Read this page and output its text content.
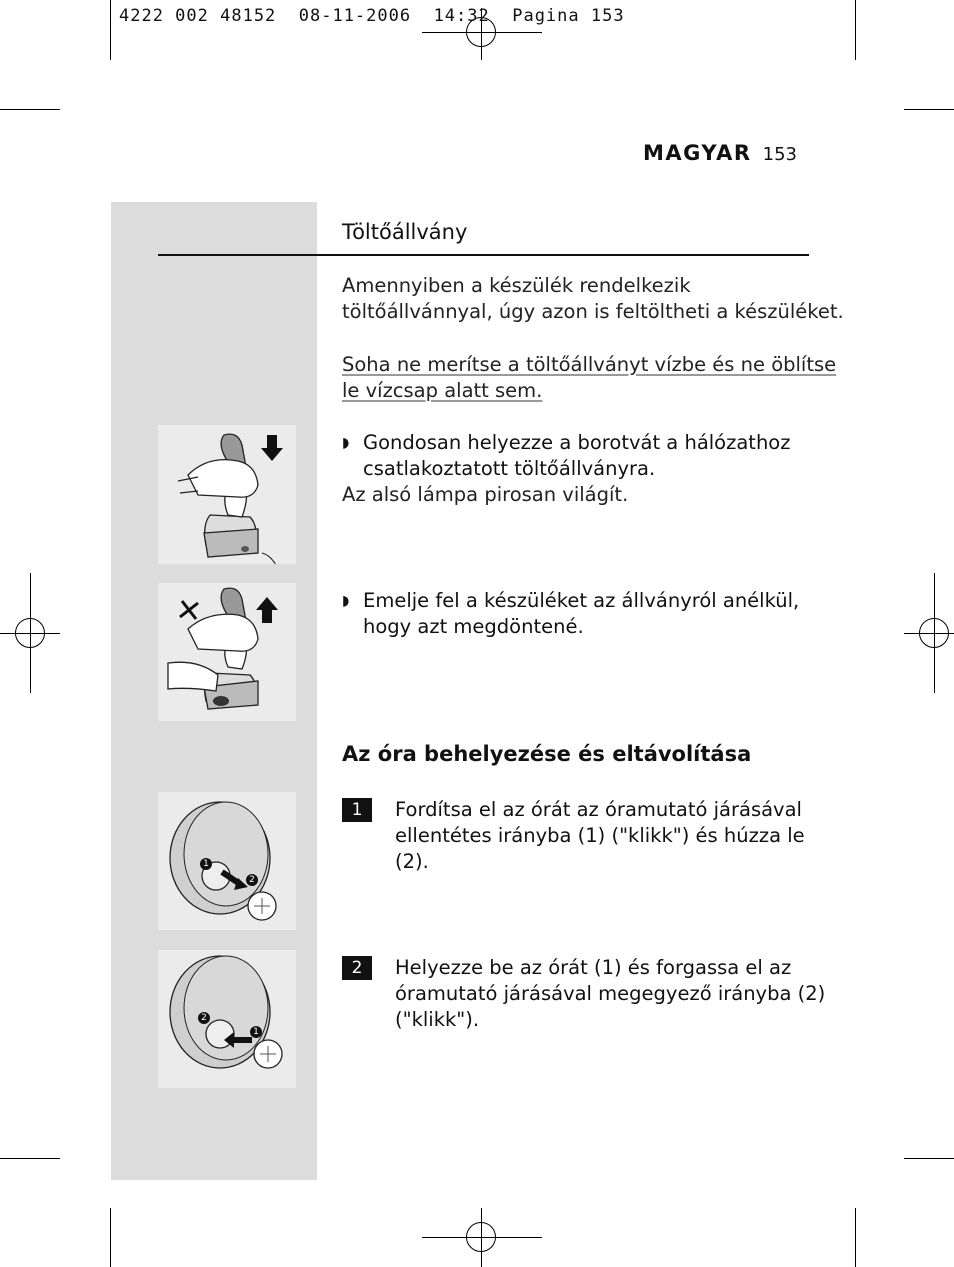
4222 002 48152  08-11-2006  14:32  Pagina 153
MAGYAR 153
Töltőállvány
Amennyiben a készülék rendelkezik
töltőállvánnyal, úgy azon is feltöltheti a készüléket.
Soha ne merítse a töltőállványt vízbe és ne öblítse
le vízcsap alatt sem.
◗ Gondosan helyezze a borotvát a hálózathoz
csatlakoztatott töltőállványra.
Az alsó lámpa pirosan világít.
◗ Emelje fel a készüléket az állványról anélkül,
hogy azt megdöntené.
Az óra behelyezése és eltávolítása
1
2
1	Fordítsa el az órát az óramutató járásával
ellentétes irányba (1) ("klikk") és húzza le
(2).
2
1
2	Helyezze be az órát (1) és forgassa el az
óramutató járásával megegyező irányba (2)
("klikk").
